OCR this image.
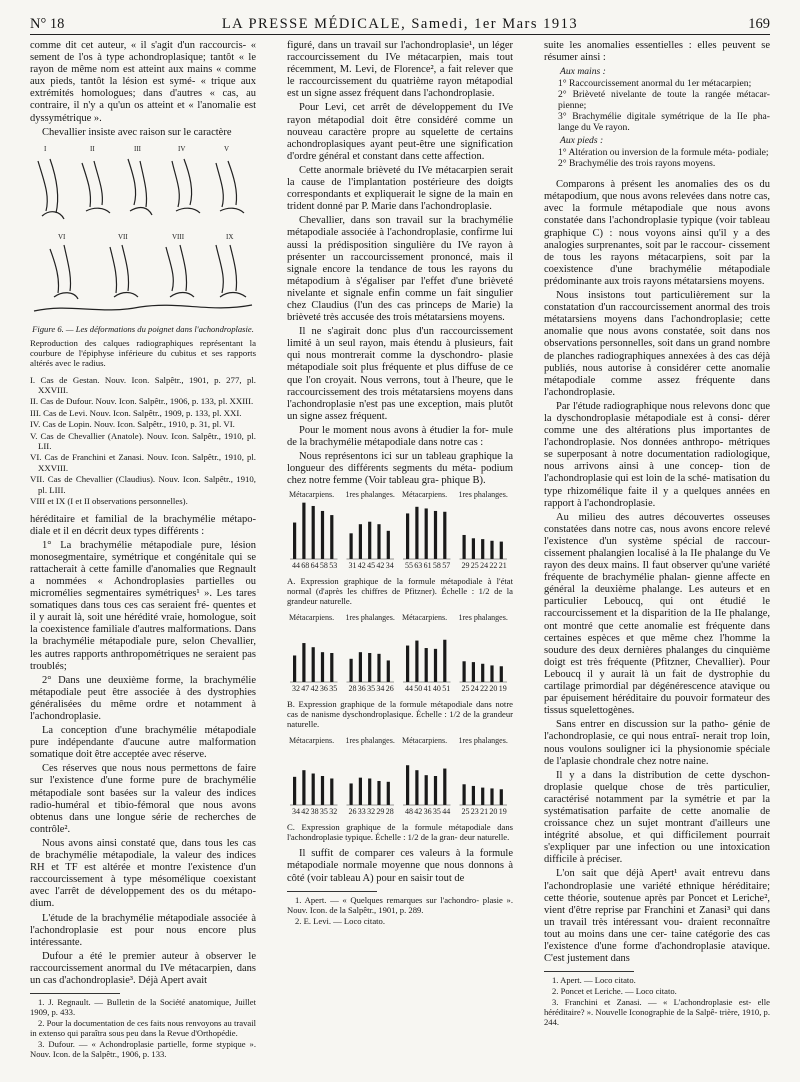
N° 18	LA PRESSE MÉDICALE, Samedi, 1er Mars 1913	169

comme dit cet auteur, « il s'agit d'un raccourcis- « sement de l'os à type achondroplasique; tantôt « le rayon de même nom est atteint aux mains « comme aux pieds, tantôt la lésion est symé- « trique aux extrémités homologues; dans d'autres « cas, au contraire, il n'y a qu'un os atteint et « l'anomalie est dyssymétrique ».

Chevallier insiste avec raison sur le caractère

I	II	III	IV	V
VI	VII	VIII	IX
Figure 6. — Les déformations du poignet dans l'achondroplasie.
Reproduction des calques radiographiques représentant la courbure de l'épiphyse inférieure du cubitus et ses rapports altérés avec le radius.

I. Cas de Gestan. Nouv. Icon. Salpêtr., 1901, p. 277, pl. XXVIII.

II. Cas de Dufour. Nouv. Icon. Salpêtr., 1906, p. 133, pl. XXIII.

III. Cas de Levi. Nouv. Icon. Salpêtr., 1909, p. 133, pl. XXI.

IV. Cas de Lopin. Nouv. Icon. Salpêtr., 1910, p. 31, pl. VI.

V. Cas de Chevallier (Anatole). Nouv. Icon. Salpêtr., 1910, pl. LII.

VI. Cas de Franchini et Zanasi. Nouv. Icon. Salpêtr., 1910, pl. XXVIII.

VII. Cas de Chevallier (Claudius). Nouv. Icon. Salpêtr., 1910, pl. LIII.

VIII et IX (I et II observations personnelles).

héréditaire et familial de la brachymélie métapo- diale et il en décrit deux types différents :

1° La brachymélie métapodiale pure, lésion monosegmentaire, symétrique et congénitale qui se rattacherait à cette famille d'anomalies que Regnault a nommées « Achondroplasies partielles ou micromélies segmentaires symétriques¹ ». Les tares somatiques dans tous ces cas seraient fré- quentes et il y aurait là, soit une hérédité vraie, homologue, soit la coexistence familiale d'autres malformations. Dans la brachymélie métapodiale pure, selon Chevallier, les autres rapports anthropométriques ne seraient pas troublés;

2° Dans une deuxième forme, la brachymélie métapodiale peut être associée à des dystrophies généralisées du même ordre et notamment à l'achondroplasie.

La conception d'une brachymélie métapodiale pure indépendante d'aucune autre malformation somatique doit être acceptée avec réserve.

Ces réserves que nous nous permettons de faire sur l'existence d'une forme pure de brachymélie métapodiale sont basées sur la valeur des indices radio-huméral et tibio-fémoral que nous avons obtenus dans une longue série de recherches de contrôle².

Nous avons ainsi constaté que, dans tous les cas de brachymélie métapodiale, la valeur des indices RH et TF est altérée et montre l'existence d'un raccourcissement à type mésomélique coexistant avec l'arrêt de développement des os du métapo- dium.

L'étude de la brachymélie métapodiale associée à l'achondroplasie est pour nous encore plus intéressante.

Dufour a été le premier auteur à observer le raccourcissement anormal du IVe métacarpien, dans un cas d'achondroplasie³. Déjà Apert avait

1. J. Regnault. — Bulletin de la Société anatomique, Juillet 1909, p. 433.

2. Pour la documentation de ces faits nous renvoyons au travail in extenso qui paraîtra sous peu dans la Revue d'Orthopédie.

3. Dufour. — « Achondroplasie partielle, forme stypique ». Nouv. Icon. de la Salpêtr., 1906, p. 133.

figuré, dans un travail sur l'achondroplasie¹, un léger raccourcissement du IVe métacarpien, mais tout récemment, M. Levi, de Florence², a fait relever que le raccourcissement du quatrième rayon métapodial est un signe assez fréquent dans l'achondroplasie.

Pour Levi, cet arrêt de développement du IVe rayon métapodial doit être considéré comme un nouveau caractère propre au squelette de certains achondroplasiques ayant peut-être une signification d'ordre général et constant dans cette affection.

Cette anormale brièveté du IVe métacarpien serait la cause de l'implantation postérieure des doigts correspondants et expliquerait le signe de la main en trident donné par P. Marie dans l'achondroplasie.

Chevallier, dans son travail sur la brachymélie métapodiale associée à l'achondroplasie, confirme lui aussi la prédisposition singulière du IVe rayon à présenter un raccourcissement prononcé, mais il signale encore la tendance de tous les rayons du métapodium à s'égaliser par l'effet d'une brièveté nivelante et signale enfin comme un fait singulier chez Claudius (l'un des cas princeps de Marie) la brièveté très accusée des trois métatarsiens moyens.

Il ne s'agirait donc plus d'un raccourcissement limité à un seul rayon, mais étendu à plusieurs, fait qui nous montrerait comme la dyschondro- plasie métapodiale soit plus fréquente et plus diffuse de ce que l'on croyait. Nous verrons, tout à l'heure, que le raccourcissement des trois métatarsiens moyens dans l'achondroplasie n'est pas une exception, mais plutôt un signe assez fréquent.

Pour le moment nous avons à étudier la for- mule de la brachymélie métapodiale dans notre cas :

Nous représentons ici sur un tableau graphique la longueur des différents segments du méta- podium chez notre femme (Voir tableau gra- phique B).

Métacarpiens.
44 68 64 58 53
1res phalanges.
31 42 45 42 34
Métacarpiens.
55 63 61 58 57
1res phalanges.
29 25 24 22 21
A. Expression graphique de la formule métapodiale à l'état normal (d'après les chiffres de Pfitzner). Échelle : 1/2 de la grandeur naturelle.
Métacarpiens.
32 47 42 36 35
1res phalanges.
28 36 35 34 26
Métacarpiens.
44 50 41 40 51
1res phalanges.
25 24 22 20 19
B. Expression graphique de la formule métapodiale dans notre cas de nanisme dyschondroplasique. Échelle : 1/2 de la grandeur naturelle.
Métacarpiens.
34 42 38 35 32
1res phalanges.
26 33 32 29 28
Métacarpiens.
48 42 36 35 44
1res phalanges.
25 23 21 20 19
C. Expression graphique de la formule métapodiale dans l'achondroplasie typique. Échelle : 1/2 de la gran- deur naturelle.

Il suffit de comparer ces valeurs à la formule métapodiale normale moyenne que nous donnons à côté (voir tableau A) pour en saisir tout de

1. Apert. — « Quelques remarques sur l'achondro- plasie ». Nouv. Icon. de la Salpêtr., 1901, p. 289.

2. E. Levi. — Loco citato.

suite les anomalies essentielles : elles peuvent se résumer ainsi :

Aux mains :
1° Raccourcissement anormal du 1er métacarpien;
2° Brièveté nivelante de toute la rangée métacar- pienne;
3° Brachymélie digitale symétrique de la IIe pha- lange du Ve rayon.
Aux pieds :
1° Altération ou inversion de la formule méta- podiale;
2° Brachymélie des trois rayons moyens.

Comparons à présent les anomalies des os du métapodium, que nous avons relevées dans notre cas, avec la formule métapodiale que nous avons constatée dans l'achondroplasie typique (voir tableau graphique C) : nous voyons ainsi qu'il y a des analogies surprenantes, soit par le raccour- cissement de tous les rayons métacarpiens, soit par la coexistence d'une brachymélie métapodiale prédominante aux trois rayons métatarsiens moyens.

Nous insistons tout particulièrement sur la constatation d'un raccourcissement anormal des trois métatarsiens moyens dans l'achondroplasie; cette anomalie que nous avons constatée, soit dans nos observations personnelles, soit dans un grand nombre de planches radiographiques annexées à des cas déjà publiés, nous autorise à considérer cette anomalie métapodiale comme assez fréquente dans l'achondroplasie.

Par l'étude radiographique nous relevons donc que la dyschondroplasie métapodiale est à consi- dérer comme une des altérations plus importantes de l'achondroplasie. Nos données anthropo- métriques se superposant à notre documentation radiologique, nous arrivons ainsi à une concep- tion de l'achondroplasie qui est loin de la sché- matisation du type rhizomélique faite il y a quelques années en rapport à l'achondroplasie.

Au milieu des autres découvertes osseuses constatées dans notre cas, nous avons encore relevé l'existence d'un système spécial de raccour- cissement phalangien localisé à la IIe phalange du Ve rayon des deux mains. Il faut observer qu'une variété fréquente de brachymélie phalan- gienne affecte en général la deuxième phalange. Les auteurs et en particulier Leboucq, qui ont étudié le raccourcissement et la disparition de la IIe phalange, ont montré que cette anomalie est fréquente dans certaines espèces et que même chez l'homme la soudure des deux dernières phalanges du cinquième doigt est très fréquente (Pfitzner, Chevallier). Pour Leboucq il y aurait là un fait de dystrophie du cartilage primordial par dégénérescence atavique ou par épuisement héréditaire du pouvoir formateur des tissus squelettogènes.

Sans entrer en discussion sur la patho- génie de l'achondroplasie, ce qui nous entraî- nerait trop loin, nous voulons souligner ici la physionomie spéciale de l'aplasie chondrale chez notre naine.

Il y a dans la distribution de cette dyschon- droplasie quelque chose de très particulier, caractérisé notamment par la symétrie et par la systématisation parfaite de cette anomalie de croissance chez un sujet montrant d'ailleurs une intégrité absolue, et qui difficilement pourrait s'expliquer par une infection ou une intoxication difficile à préciser.

L'on sait que déjà Apert¹ avait entrevu dans l'achondroplasie une variété ethnique héréditaire; cette théorie, soutenue après par Poncet et Leriche², vient d'être reprise par Franchini et Zanasi³ qui dans un travail très intéressant vou- draient reconnaître tout au moins dans une cer- taine catégorie des cas l'existence d'une forme d'achondroplasie atavique. C'est justement dans

1. Apert. — Loco citato.

2. Poncet et Leriche. — Loco citato.

3. Franchini et Zanasi. — « L'achondroplasie est- elle héréditaire? ». Nouvelle Iconographie de la Salpê- trière, 1910, p. 244.
